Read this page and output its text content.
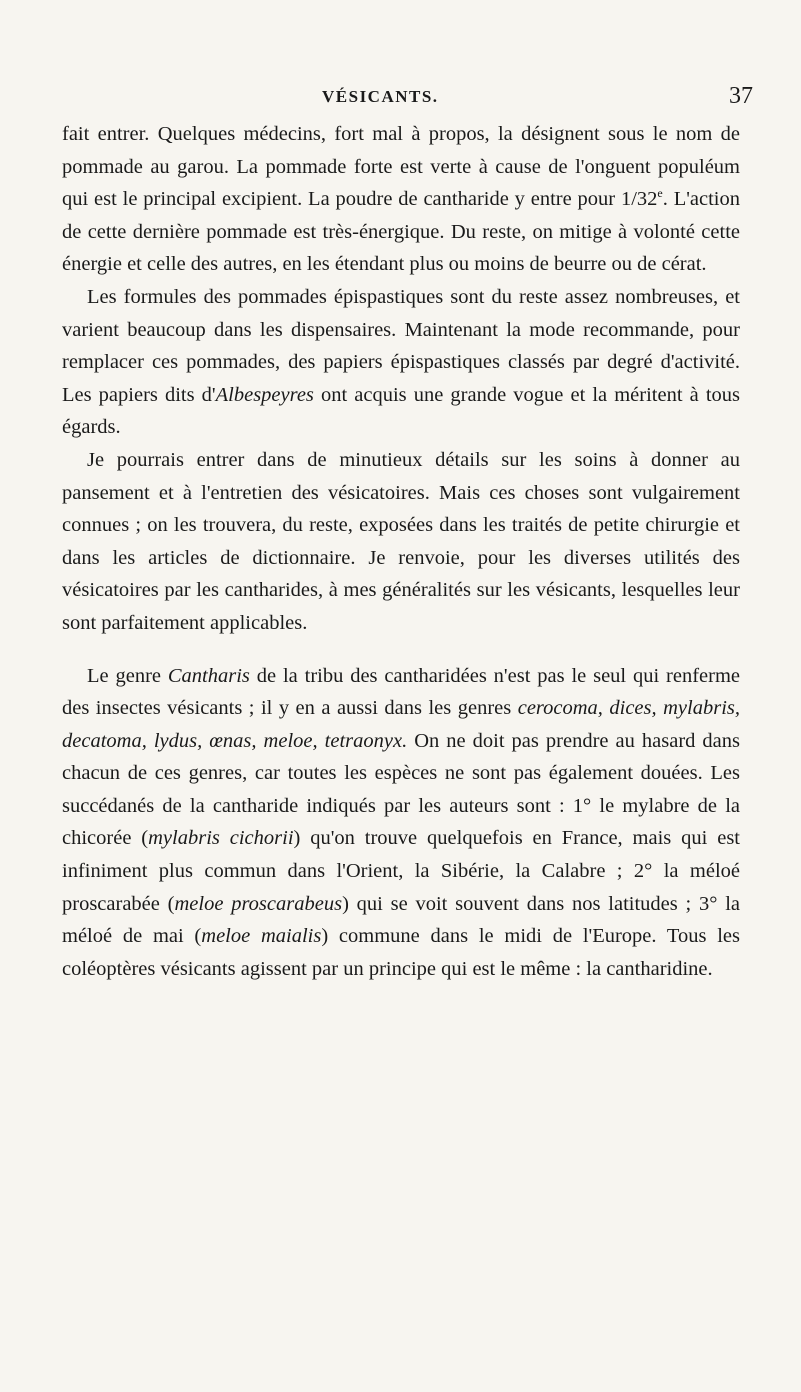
VÉSICANTS.	37

fait entrer. Quelques médecins, fort mal à propos, la désignent sous le nom de pommade au garou. La pommade forte est verte à cause de l'onguent populéum qui est le principal excipient. La poudre de cantharide y entre pour 1/32e. L'action de cette dernière pommade est très-énergique. Du reste, on mitige à volonté cette énergie et celle des autres, en les étendant plus ou moins de beurre ou de cérat.

Les formules des pommades épispastiques sont du reste assez nombreuses, et varient beaucoup dans les dispensaires. Maintenant la mode recommande, pour remplacer ces pommades, des papiers épispastiques classés par degré d'activité. Les papiers dits d'Albespeyres ont acquis une grande vogue et la méritent à tous égards.

Je pourrais entrer dans de minutieux détails sur les soins à donner au pansement et à l'entretien des vésicatoires. Mais ces choses sont vulgairement connues ; on les trouvera, du reste, exposées dans les traités de petite chirurgie et dans les articles de dictionnaire. Je renvoie, pour les diverses utilités des vésicatoires par les cantharides, à mes généralités sur les vésicants, lesquelles leur sont parfaitement applicables.

Le genre Cantharis de la tribu des cantharidées n'est pas le seul qui renferme des insectes vésicants ; il y en a aussi dans les genres cerocoma, dices, mylabris, decatoma, lydus, œnas, meloe, tetraonyx. On ne doit pas prendre au hasard dans chacun de ces genres, car toutes les espèces ne sont pas également douées. Les succédanés de la cantharide indiqués par les auteurs sont : 1° le mylabre de la chicorée (mylabris cichorii) qu'on trouve quelquefois en France, mais qui est infiniment plus commun dans l'Orient, la Sibérie, la Calabre ; 2° la méloé proscarabée (meloe proscarabeus) qui se voit souvent dans nos latitudes ; 3° la méloé de mai (meloe maialis) commune dans le midi de l'Europe. Tous les coléoptères vésicants agissent par un principe qui est le même : la cantharidine.
